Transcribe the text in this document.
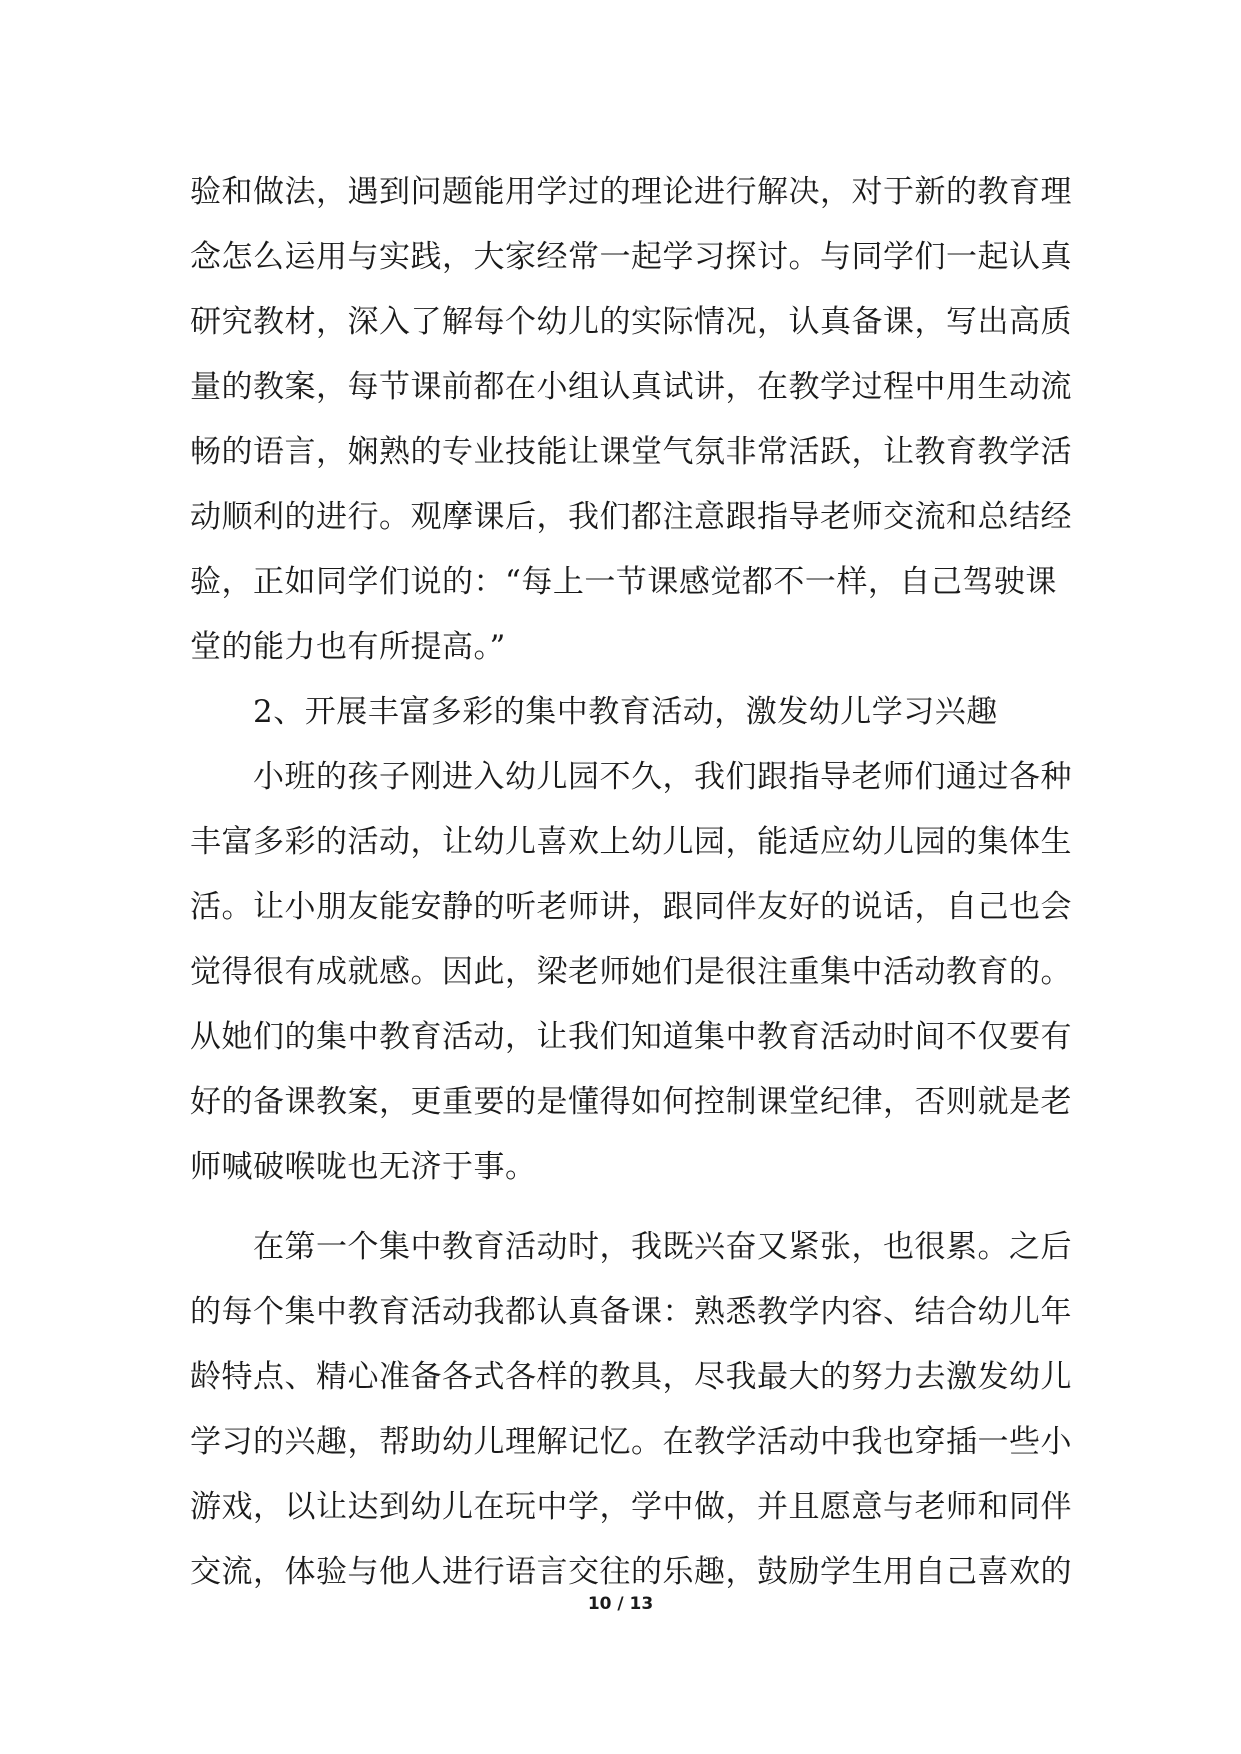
验和做法，遇到问题能用学过的理论进行解决，对于新的教育理
念怎么运用与实践，大家经常一起学习探讨。与同学们一起认真
研究教材，深入了解每个幼儿的实际情况，认真备课，写出高质
量的教案，每节课前都在小组认真试讲，在教学过程中用生动流
畅的语言，娴熟的专业技能让课堂气氛非常活跃，让教育教学活
动顺利的进行。观摩课后，我们都注意跟指导老师交流和总结经
验，正如同学们说的：“每上一节课感觉都不一样，自己驾驶课
堂的能力也有所提高。”
2、开展丰富多彩的集中教育活动，激发幼儿学习兴趣
小班的孩子刚进入幼儿园不久，我们跟指导老师们通过各种
丰富多彩的活动，让幼儿喜欢上幼儿园，能适应幼儿园的集体生
活。让小朋友能安静的听老师讲，跟同伴友好的说话，自己也会
觉得很有成就感。因此，梁老师她们是很注重集中活动教育的。
从她们的集中教育活动，让我们知道集中教育活动时间不仅要有
好的备课教案，更重要的是懂得如何控制课堂纪律，否则就是老
师喊破喉咙也无济于事。
在第一个集中教育活动时，我既兴奋又紧张，也很累。之后
的每个集中教育活动我都认真备课：熟悉教学内容、结合幼儿年
龄特点、精心准备各式各样的教具，尽我最大的努力去激发幼儿
学习的兴趣，帮助幼儿理解记忆。在教学活动中我也穿插一些小
游戏，以让达到幼儿在玩中学，学中做，并且愿意与老师和同伴
交流，体验与他人进行语言交往的乐趣，鼓励学生用自己喜欢的
10 / 13
